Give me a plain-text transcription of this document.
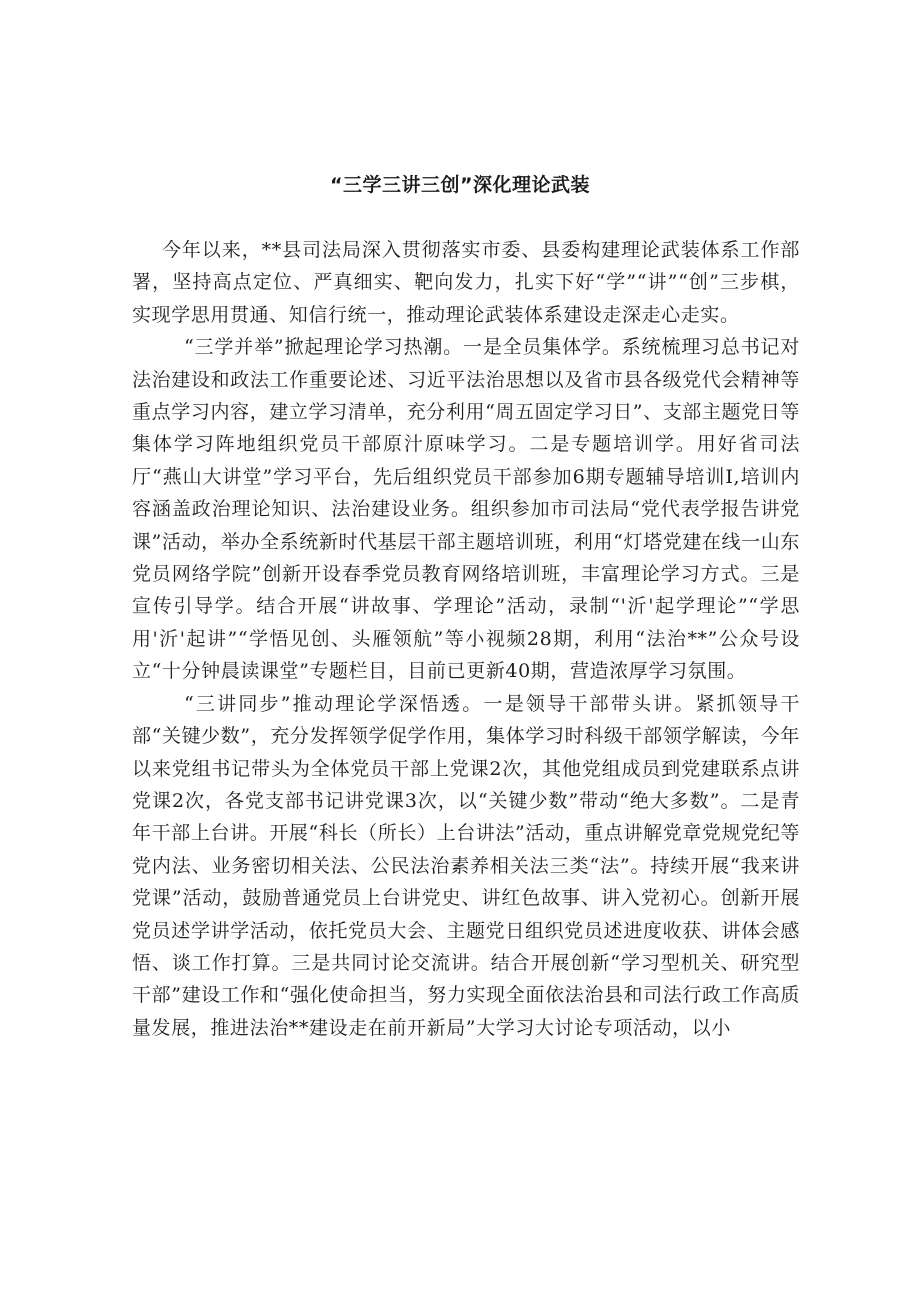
“三学三讲三创”深化理论武装

今年以来，**县司法局深入贯彻落实市委、县委构建理论武装体系工作部署，坚持高点定位、严真细实、靶向发力，扎实下好“学”“讲”“创”三步棋，实现学思用贯通、知信行统一，推动理论武装体系建设走深走心走实。

“三学并举”掀起理论学习热潮。一是全员集体学。系统梳理习总书记对法治建设和政法工作重要论述、习近平法治思想以及省市县各级党代会精神等重点学习内容，建立学习清单，充分利用“周五固定学习日”、支部主题党日等集体学习阵地组织党员干部原汁原味学习。二是专题培训学。用好省司法厅“燕山大讲堂”学习平台，先后组织党员干部参加6期专题辅导培训I,培训内容涵盖政治理论知识、法治建设业务。组织参加市司法局“党代表学报告讲党课”活动，举办全系统新时代基层干部主题培训班，利用“灯塔党建在线一山东党员网络学院”创新开设春季党员教育网络培训班，丰富理论学习方式。三是宣传引导学。结合开展“讲故事、学理论”活动，录制“'沂'起学理论”“学思用'沂'起讲”“学悟见创、头雁领航”等小视频28期，利用“法治**”公众号设立“十分钟晨读课堂”专题栏目，目前已更新40期，营造浓厚学习氛围。

“三讲同步”推动理论学深悟透。一是领导干部带头讲。紧抓领导干部“关键少数”，充分发挥领学促学作用，集体学习时科级干部领学解读，今年以来党组书记带头为全体党员干部上党课2次，其他党组成员到党建联系点讲党课2次，各党支部书记讲党课3次，以“关键少数”带动“绝大多数”。二是青年干部上台讲。开展“科长（所长）上台讲法”活动，重点讲解党章党规党纪等党内法、业务密切相关法、公民法治素养相关法三类“法”。持续开展“我来讲党课”活动，鼓励普通党员上台讲党史、讲红色故事、讲入党初心。创新开展党员述学讲学活动，依托党员大会、主题党日组织党员述进度收获、讲体会感悟、谈工作打算。三是共同讨论交流讲。结合开展创新“学习型机关、研究型干部”建设工作和“强化使命担当，努力实现全面依法治县和司法行政工作高质量发展，推进法治**建设走在前开新局”大学习大讨论专项活动，以小
